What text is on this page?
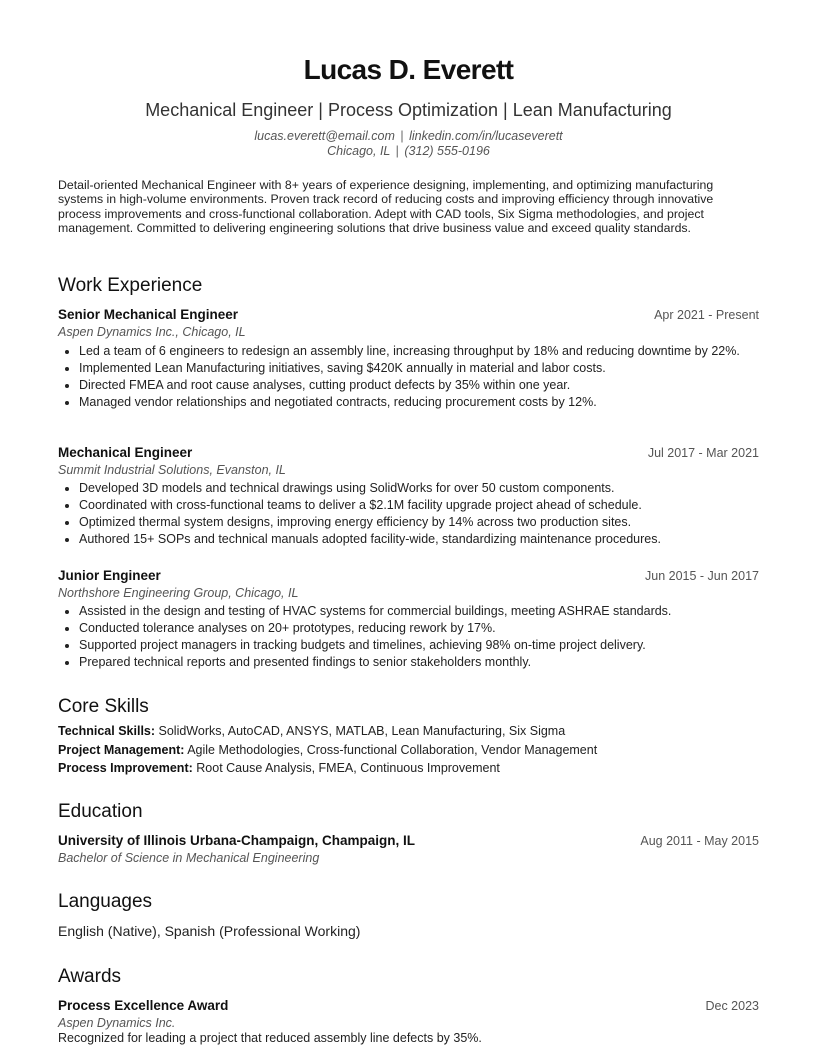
Lucas D. Everett
Mechanical Engineer | Process Optimization | Lean Manufacturing
lucas.everett@email.com | linkedin.com/in/lucaseverett
Chicago, IL | (312) 555-0196

Detail-oriented Mechanical Engineer with 8+ years of experience designing, implementing, and optimizing manufacturing systems in high-volume environments. Proven track record of reducing costs and improving efficiency through innovative process improvements and cross-functional collaboration. Adept with CAD tools, Six Sigma methodologies, and project management. Committed to delivering engineering solutions that drive business value and exceed quality standards.

Work Experience
Senior Mechanical Engineer	Apr 2021 - Present
Aspen Dynamics Inc., Chicago, IL
• Led a team of 6 engineers to redesign an assembly line, increasing throughput by 18% and reducing downtime by 22%.
• Implemented Lean Manufacturing initiatives, saving $420K annually in material and labor costs.
• Directed FMEA and root cause analyses, cutting product defects by 35% within one year.
• Managed vendor relationships and negotiated contracts, reducing procurement costs by 12%.
Mechanical Engineer	Jul 2017 - Mar 2021
Summit Industrial Solutions, Evanston, IL
• Developed 3D models and technical drawings using SolidWorks for over 50 custom components.
• Coordinated with cross-functional teams to deliver a $2.1M facility upgrade project ahead of schedule.
• Optimized thermal system designs, improving energy efficiency by 14% across two production sites.
• Authored 15+ SOPs and technical manuals adopted facility-wide, standardizing maintenance procedures.
Junior Engineer	Jun 2015 - Jun 2017
Northshore Engineering Group, Chicago, IL
• Assisted in the design and testing of HVAC systems for commercial buildings, meeting ASHRAE standards.
• Conducted tolerance analyses on 20+ prototypes, reducing rework by 17%.
• Supported project managers in tracking budgets and timelines, achieving 98% on-time project delivery.
• Prepared technical reports and presented findings to senior stakeholders monthly.
Core Skills
Technical Skills: SolidWorks, AutoCAD, ANSYS, MATLAB, Lean Manufacturing, Six Sigma
Project Management: Agile Methodologies, Cross-functional Collaboration, Vendor Management
Process Improvement: Root Cause Analysis, FMEA, Continuous Improvement
Education
University of Illinois Urbana-Champaign, Champaign, IL	Aug 2011 - May 2015
Bachelor of Science in Mechanical Engineering
Languages
English (Native), Spanish (Professional Working)
Awards
Process Excellence Award	Dec 2023
Aspen Dynamics Inc.
Recognized for leading a project that reduced assembly line defects by 35%.
